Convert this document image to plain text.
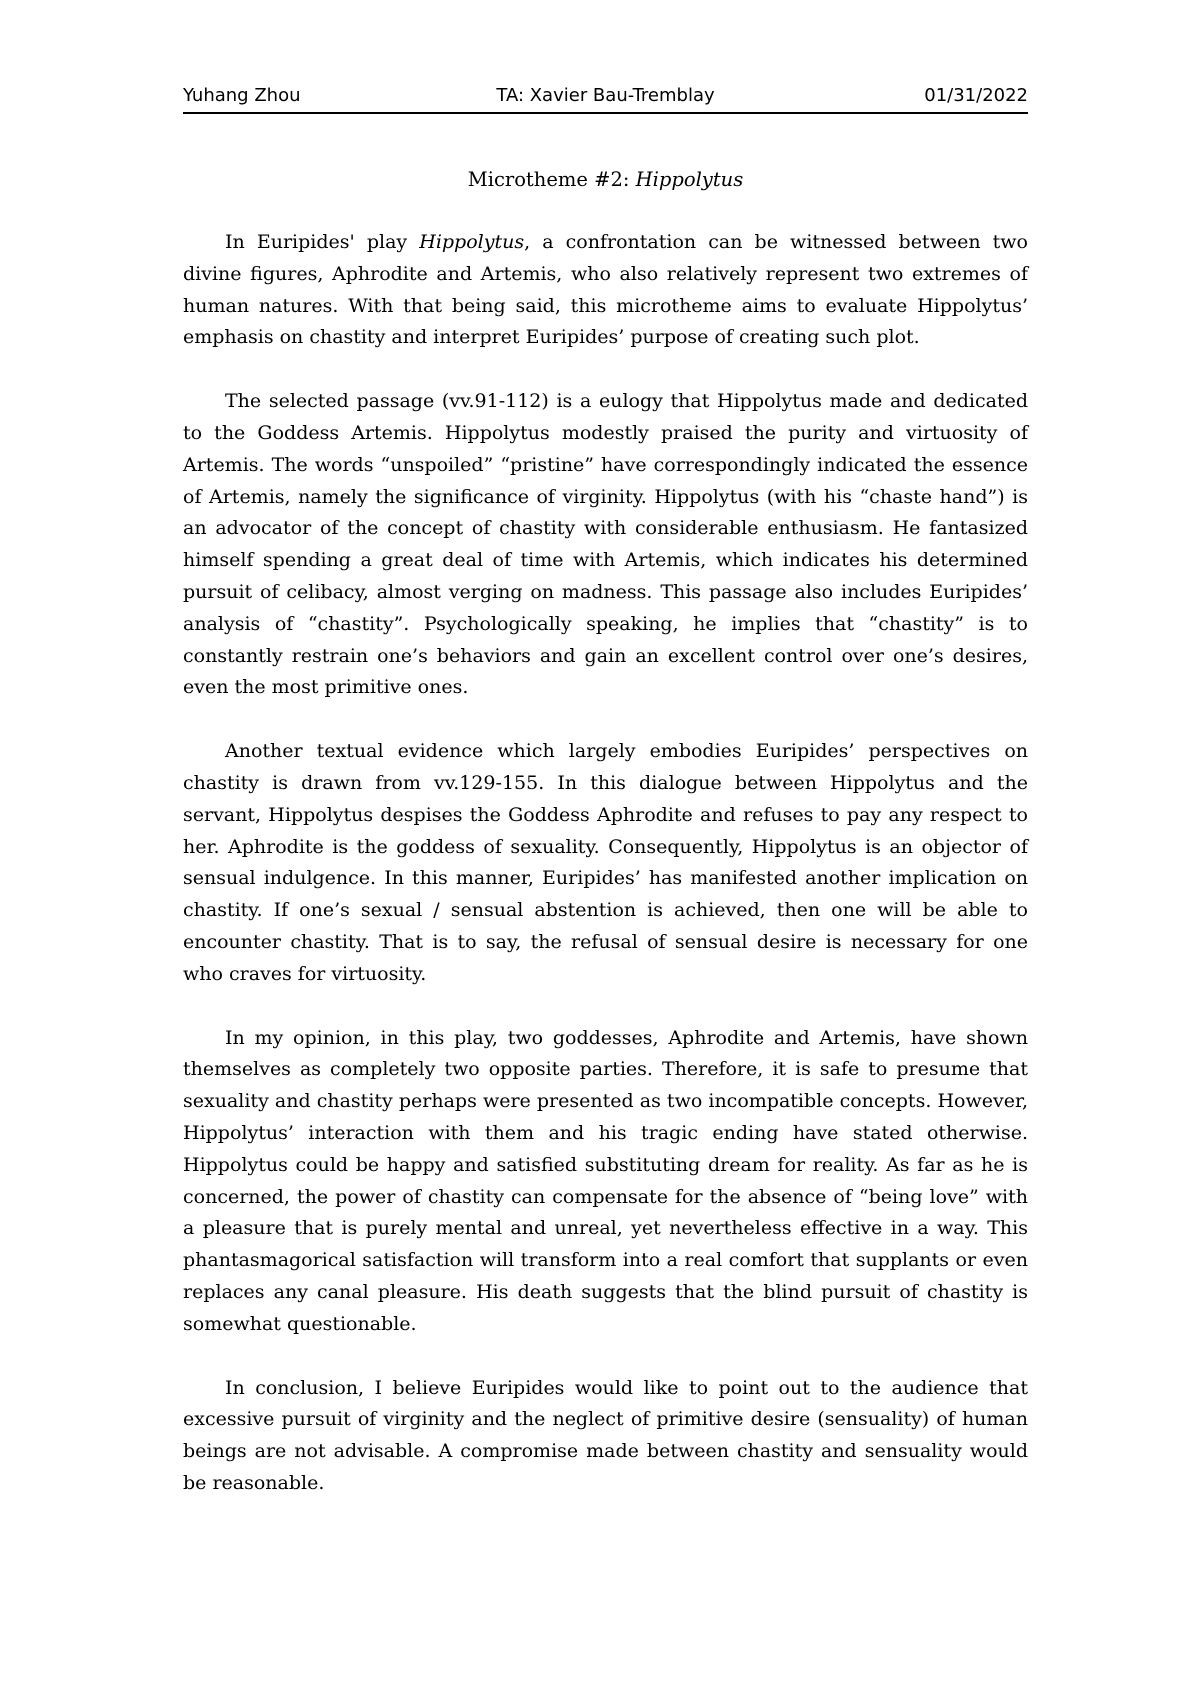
TA: Xavier Bau-Tremblay
Yuhang Zhou	01/31/2022
Microtheme #2: Hippolytus

In Euripides' play Hippolytus, a confrontation can be witnessed between two divine figures, Aphrodite and Artemis, who also relatively represent two extremes of human natures. With that being said, this microtheme aims to evaluate Hippolytus’ emphasis on chastity and interpret Euripides’ purpose of creating such plot.

The selected passage (vv.91-112) is a eulogy that Hippolytus made and dedicated to the Goddess Artemis. Hippolytus modestly praised the purity and virtuosity of Artemis. The words “unspoiled” “pristine” have correspondingly indicated the essence of Artemis, namely the significance of virginity. Hippolytus (with his “chaste hand”) is an advocator of the concept of chastity with considerable enthusiasm. He fantasized himself spending a great deal of time with Artemis, which indicates his determined pursuit of celibacy, almost verging on madness. This passage also includes Euripides’ analysis of “chastity”. Psychologically speaking, he implies that “chastity” is to constantly restrain one’s behaviors and gain an excellent control over one’s desires, even the most primitive ones.

Another textual evidence which largely embodies Euripides’ perspectives on chastity is drawn from vv.129-155. In this dialogue between Hippolytus and the servant, Hippolytus despises the Goddess Aphrodite and refuses to pay any respect to her. Aphrodite is the goddess of sexuality. Consequently, Hippolytus is an objector of sensual indulgence. In this manner, Euripides’ has manifested another implication on chastity. If one’s sexual / sensual abstention is achieved, then one will be able to encounter chastity. That is to say, the refusal of sensual desire is necessary for one who craves for virtuosity.

In my opinion, in this play, two goddesses, Aphrodite and Artemis, have shown themselves as completely two opposite parties. Therefore, it is safe to presume that sexuality and chastity perhaps were presented as two incompatible concepts. However, Hippolytus’ interaction with them and his tragic ending have stated otherwise. Hippolytus could be happy and satisfied substituting dream for reality. As far as he is concerned, the power of chastity can compensate for the absence of “being love” with a pleasure that is purely mental and unreal, yet nevertheless effective in a way. This phantasmagorical satisfaction will transform into a real comfort that supplants or even replaces any canal pleasure. His death suggests that the blind pursuit of chastity is somewhat questionable.

In conclusion, I believe Euripides would like to point out to the audience that excessive pursuit of virginity and the neglect of primitive desire (sensuality) of human beings are not advisable. A compromise made between chastity and sensuality would be reasonable.
